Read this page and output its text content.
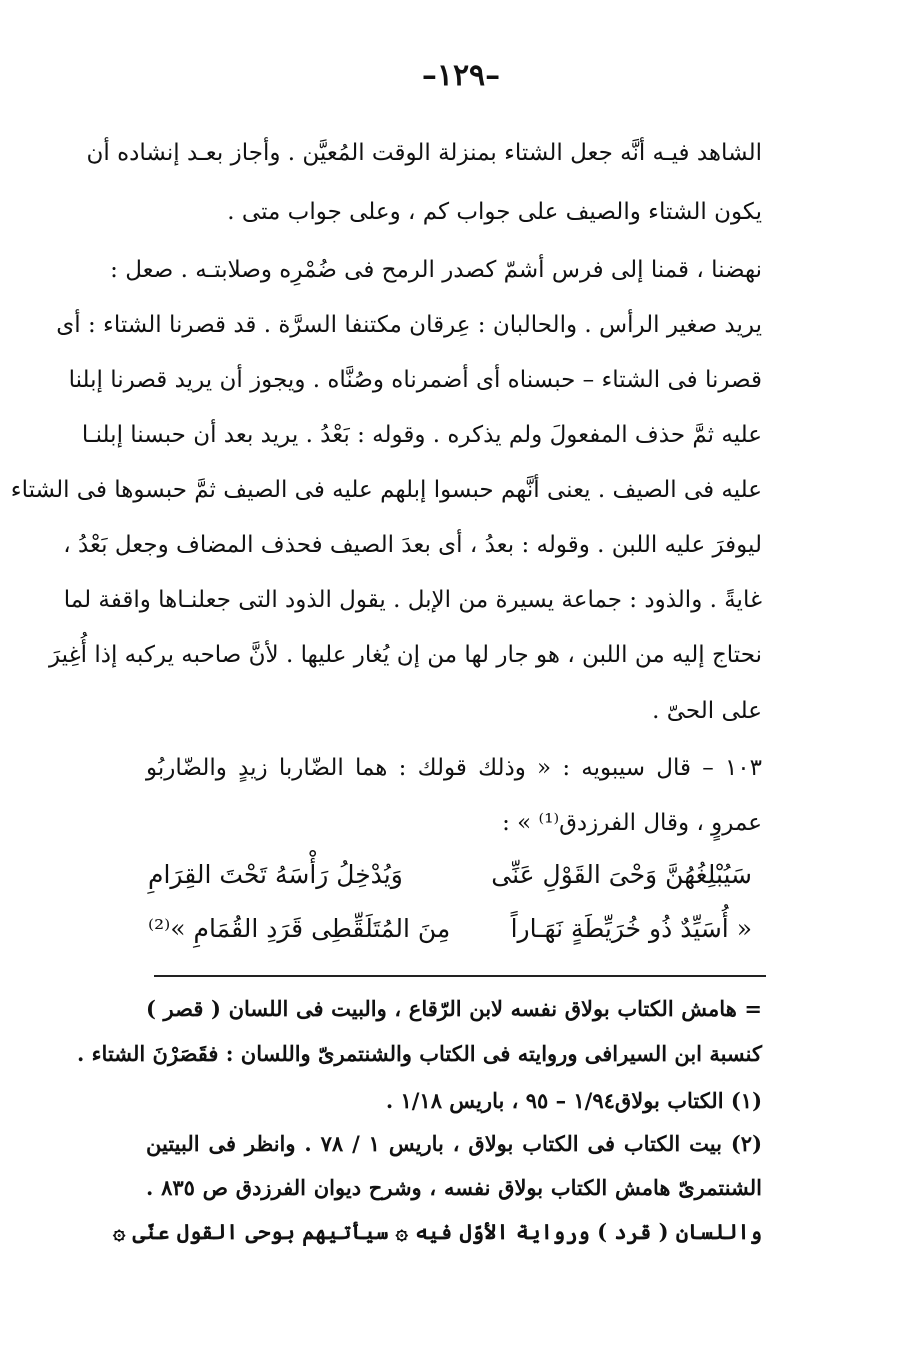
–١٢٩–
الشاهد فيـه أنَّه جعل الشتاء بمنزلة الوقت المُعيَّن . وأجاز بعـد إنشاده أن
يكون الشتاء والصيف على جواب كم ، وعلى جواب متى .
نهضنا ، قمنا إلى فرس أشمّ كصدر الرمح فى ضُمْرِه وصلابتـه . صعل :
يريد صغير الرأس . والحالبان : عِرقان مكتنفا السرَّة . قد قصرنا الشتاء : أى
قصرنا فى الشتاء – حبسناه أى أضمرناه وصُنَّاه . ويجوز أن يريد قصرنا إبلنا
عليه ثمَّ حذف المفعولَ ولم يذكره . وقوله : بَعْدُ . يريد بعد أن حبسنا إبلنـا
عليه فى الصيف . يعنى أنَّهم حبسوا إبلهم عليه فى الصيف ثمَّ حبسوها فى الشتاء
ليوفرَ عليه اللبن . وقوله : بعدُ ، أى بعدَ الصيف فحذف المضاف وجعل بَعْدُ ،
غايةً . والذود : جماعة يسيرة من الإبل . يقول الذود التى جعلنـاها واقفة لما
نحتاج إليه من اللبن ، هو جار لها من إن يُغار عليها . لأنَّ صاحبه يركبه إذا أُغِيرَ
على الحىّ .
١٠٣ – قال سيبويه : « وذلك قولك : هما الضّاربا زيدٍ والضّاربُو
عمروٍ ، وقال الفرزدق⁽¹⁾ » :
سَيُبْلِغُهُنَّ وَحْىَ القَوْلِ عَنِّى
وَيُدْخِلُ رَأْسَهُ تَحْتَ القِرَامِ
« أُسَيِّدٌ ذُو خُرَيِّطَةٍ نَهَـاراً
مِنَ المُتَلَقِّطِى قَرَدِ القُمَامِ »⁽²⁾
= هامش الكتاب بولاق نفسه لابن الرّقاع ، والبيت فى اللسان ( قصر )
كنسبة ابن السيرافى وروايته فى الكتاب والشنتمرىّ واللسان : فقَصَرْنَ الشتاء .
(١) الكتاب بولاق١/٩٤ – ٩٥ ، باريس ١/١٨ .
(٢) بيت الكتاب فى الكتاب بولاق ، باريس ١ / ٧٨ . وانظر فى البيتين
الشنتمرىّ هامش الكتاب بولاق نفسه ، وشرح ديوان الفرزدق ص ٨٣٥ .
واللسان ( قرد ) ورواية الأوّل فيه ۞ سيأتيهم بوحى القول عنّى ۞
